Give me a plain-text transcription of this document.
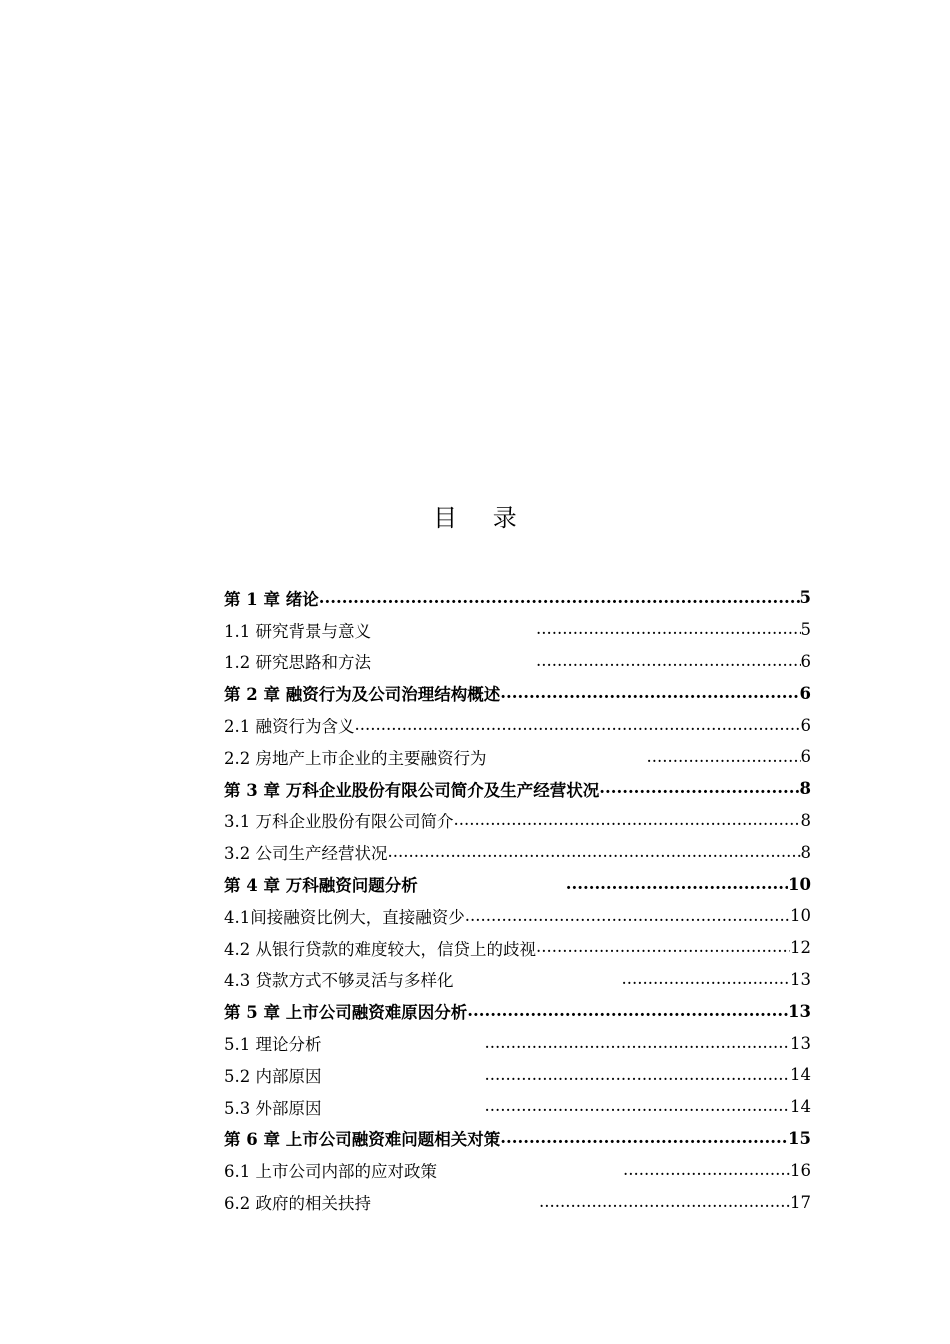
目 录
第 1 章 绪论 .....	5
1.1 研究背景与意义 .....	5
1.2 研究思路和方法 .....	6
第 2 章 融资行为及公司治理结构概述 .....	6
2.1 融资行为含义 .....	6
2.2 房地产上市企业的主要融资行为 .....	6
第 3 章 万科企业股份有限公司简介及生产经营状况 .....	8
3.1 万科企业股份有限公司简介 .....	8
3.2 公司生产经营状况 .....	8
第 4 章 万科融资问题分析 .....	10
4.1间接融资比例大，直接融资少 .....	10
4.2 从银行贷款的难度较大，信贷上的歧视 .....	12
4.3 贷款方式不够灵活与多样化 .....	13
第 5 章 上市公司融资难原因分析 .....	13
5.1 理论分析 .....	13
5.2 内部原因 .....	14
5.3 外部原因 .....	14
第 6 章 上市公司融资难问题相关对策 .....	15
6.1 上市公司内部的应对政策 .....	16
6.2 政府的相关扶持 .....	17
